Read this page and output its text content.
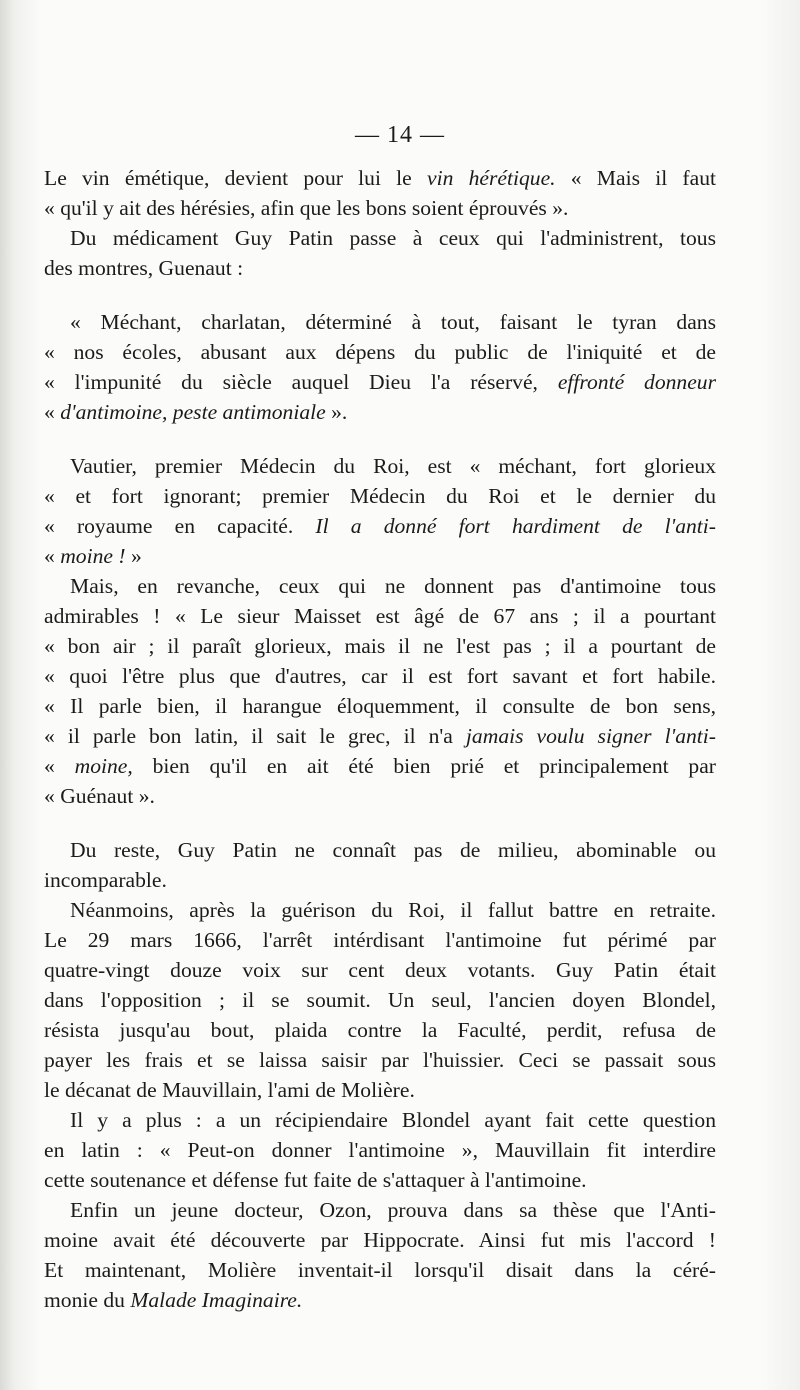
— 14 —
Le vin émétique, devient pour lui le vin hérétique. « Mais il faut
« qu'il y ait des hérésies, afin que les bons soient éprouvés ».
Du médicament Guy Patin passe à ceux qui l'administrent, tous
des montres, Guenaut :
« Méchant, charlatan, déterminé à tout, faisant le tyran dans
« nos écoles, abusant aux dépens du public de l'iniquité et de
« l'impunité du siècle auquel Dieu l'a réservé, effronté donneur
« d'antimoine, peste antimoniale ».
Vautier, premier Médecin du Roi, est « méchant, fort glorieux
« et fort ignorant; premier Médecin du Roi et le dernier du
« royaume en capacité. Il a donné fort hardiment de l'anti-
« moine ! »
Mais, en revanche, ceux qui ne donnent pas d'antimoine tous
admirables ! « Le sieur Maisset est âgé de 67 ans ; il a pourtant
« bon air ; il paraît glorieux, mais il ne l'est pas ; il a pourtant de
« quoi l'être plus que d'autres, car il est fort savant et fort habile.
« Il parle bien, il harangue éloquemment, il consulte de bon sens,
« il parle bon latin, il sait le grec, il n'a jamais voulu signer l'anti-
« moine, bien qu'il en ait été bien prié et principalement par
« Guénaut ».
Du reste, Guy Patin ne connaît pas de milieu, abominable ou
incomparable.
Néanmoins, après la guérison du Roi, il fallut battre en retraite.
Le 29 mars 1666, l'arrêt intérdisant l'antimoine fut périmé par
quatre-vingt douze voix sur cent deux votants. Guy Patin était
dans l'opposition ; il se soumit. Un seul, l'ancien doyen Blondel,
résista jusqu'au bout, plaida contre la Faculté, perdit, refusa de
payer les frais et se laissa saisir par l'huissier. Ceci se passait sous
le décanat de Mauvillain, l'ami de Molière.
Il y a plus : a un récipiendaire Blondel ayant fait cette question
en latin : « Peut-on donner l'antimoine », Mauvillain fit interdire
cette soutenance et défense fut faite de s'attaquer à l'antimoine.
Enfin un jeune docteur, Ozon, prouva dans sa thèse que l'Anti-
moine avait été découverte par Hippocrate. Ainsi fut mis l'accord !
Et maintenant, Molière inventait-il lorsqu'il disait dans la céré-
monie du Malade Imaginaire.
